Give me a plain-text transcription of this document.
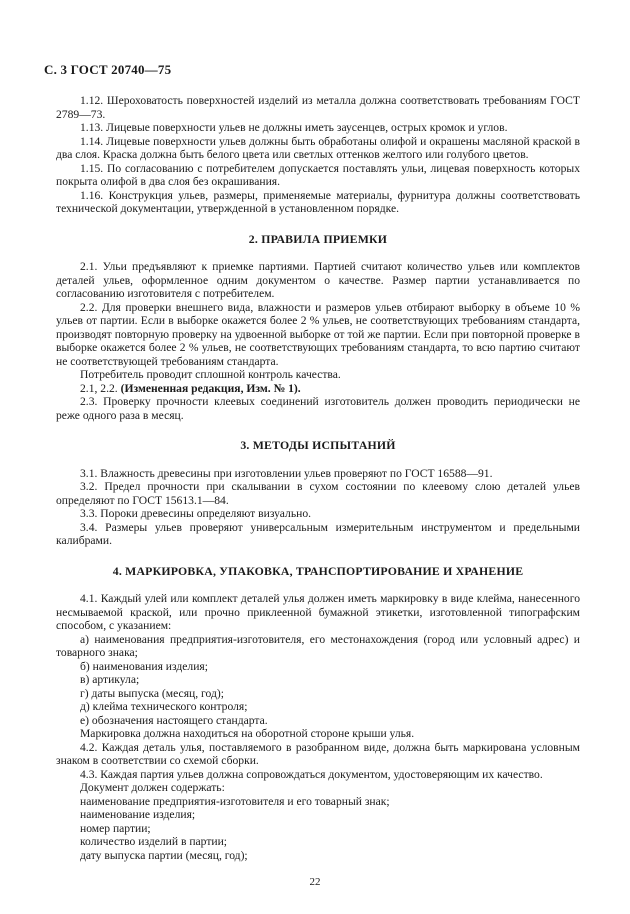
С. 3 ГОСТ 20740—75

1.12. Шероховатость поверхностей изделий из металла должна соответствовать требованиям ГОСТ 2789—73.

1.13. Лицевые поверхности ульев не должны иметь заусенцев, острых кромок и углов.

1.14. Лицевые поверхности ульев должны быть обработаны олифой и окрашены масляной краской в два слоя. Краска должна быть белого цвета или светлых оттенков желтого или голубого цветов.

1.15. По согласованию с потребителем допускается поставлять ульи, лицевая поверхность которых покрыта олифой в два слоя без окрашивания.

1.16. Конструкция ульев, размеры, применяемые материалы, фурнитура должны соответствовать технической документации, утвержденной в установленном порядке.

2. ПРАВИЛА ПРИЕМКИ

2.1. Ульи предъявляют к приемке партиями. Партией считают количество ульев или комплектов деталей ульев, оформленное одним документом о качестве. Размер партии устанавливается по согласованию изготовителя с потребителем.

2.2. Для проверки внешнего вида, влажности и размеров ульев отбирают выборку в объеме 10 % ульев от партии. Если в выборке окажется более 2 % ульев, не соответствующих требованиям стандарта, производят повторную проверку на удвоенной выборке от той же партии. Если при повторной проверке в выборке окажется более 2 % ульев, не соответствующих требованиям стандарта, то всю партию считают не соответствующей требованиям стандарта.

Потребитель проводит сплошной контроль качества.

2.1, 2.2. (Измененная редакция, Изм. № 1).

2.3. Проверку прочности клеевых соединений изготовитель должен проводить периодически не реже одного раза в месяц.

3. МЕТОДЫ ИСПЫТАНИЙ

3.1. Влажность древесины при изготовлении ульев проверяют по ГОСТ 16588—91.

3.2. Предел прочности при скалывании в сухом состоянии по клеевому слою деталей ульев определяют по ГОСТ 15613.1—84.

3.3. Пороки древесины определяют визуально.

3.4. Размеры ульев проверяют универсальным измерительным инструментом и предельными калибрами.

4. МАРКИРОВКА, УПАКОВКА, ТРАНСПОРТИРОВАНИЕ И ХРАНЕНИЕ

4.1. Каждый улей или комплект деталей улья должен иметь маркировку в виде клейма, нанесенного несмываемой краской, или прочно приклеенной бумажной этикетки, изготовленной типографским способом, с указанием:

а) наименования предприятия-изготовителя, его местонахождения (город или условный адрес) и товарного знака;

б) наименования изделия;

в) артикула;

г) даты выпуска (месяц, год);

д) клейма технического контроля;

е) обозначения настоящего стандарта.

Маркировка должна находиться на оборотной стороне крыши улья.

4.2. Каждая деталь улья, поставляемого в разобранном виде, должна быть маркирована условным знаком в соответствии со схемой сборки.

4.3. Каждая партия ульев должна сопровождаться документом, удостоверяющим их качество.

Документ должен содержать:

наименование предприятия-изготовителя и его товарный знак;

наименование изделия;

номер партии;

количество изделий в партии;

дату выпуска партии (месяц, год);

22
